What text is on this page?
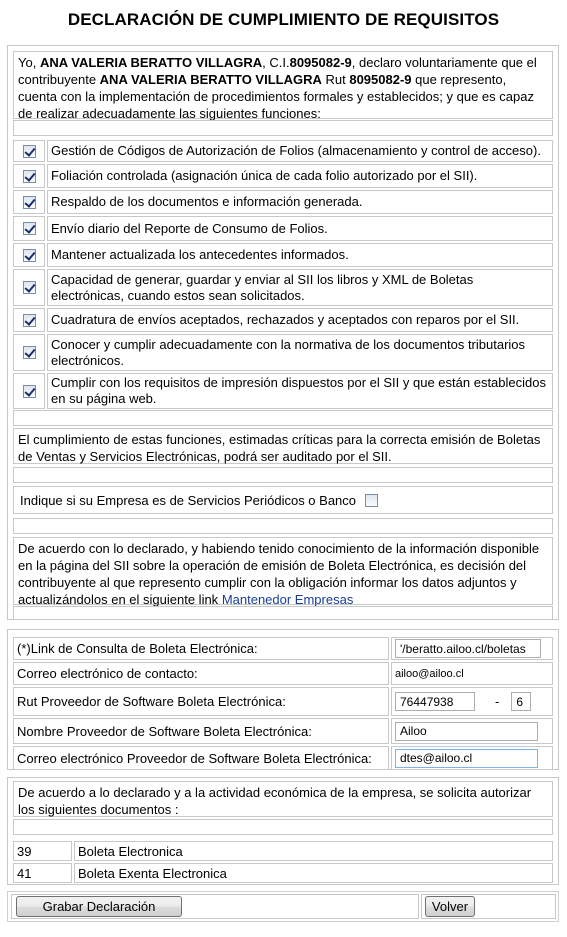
DECLARACIÓN DE CUMPLIMIENTO DE REQUISITOS
Yo, ANA VALERIA BERATTO VILLAGRA, C.I.8095082-9, declaro voluntariamente que el contribuyente ANA VALERIA BERATTO VILLAGRA Rut 8095082-9 que represento, cuenta con la implementación de procedimientos formales y establecidos; y que es capaz de realizar adecuadamente las siguientes funciones:
Gestión de Códigos de Autorización de Folios (almacenamiento y control de acceso).
Foliación controlada (asignación única de cada folio autorizado por el SII).
Respaldo de los documentos e información generada.
Envío diario del Reporte de Consumo de Folios.
Mantener actualizada los antecedentes informados.
Capacidad de generar, guardar y enviar al SII los libros y XML de Boletas electrónicas, cuando estos sean solicitados.
Cuadratura de envíos aceptados, rechazados y aceptados con reparos por el SII.
Conocer y cumplir adecuadamente con la normativa de los documentos tributarios electrónicos.
Cumplir con los requisitos de impresión dispuestos por el SII y que están establecidos en su página web.
El cumplimiento de estas funciones, estimadas críticas para la correcta emisión de Boletas de Ventas y Servicios Electrónicas, podrá ser auditado por el SII.
Indique si su Empresa es de Servicios Periódicos o Banco
De acuerdo con lo declarado, y habiendo tenido conocimiento de la información disponible en la página del SII sobre la operación de emisión de Boleta Electrónica, es decisión del contribuyente al que represento cumplir con la obligación informar los datos adjuntos y actualizándolos en el siguiente link Mantenedor Empresas
(*)Link de Consulta de Boleta Electrónica:	'/beratto.ailoo.cl/boletas
Correo electrónico de contacto:	ailoo@ailoo.cl
Rut Proveedor de Software Boleta Electrónica:	76447938	-	6
Nombre Proveedor de Software Boleta Electrónica:	Ailoo
Correo electrónico Proveedor de Software Boleta Electrónica:	dtes@ailoo.cl
De acuerdo a lo declarado y a la actividad económica de la empresa, se solicita autorizar los siguientes documentos :
39	Boleta Electronica
41	Boleta Exenta Electronica
Grabar Declaración	Volver
